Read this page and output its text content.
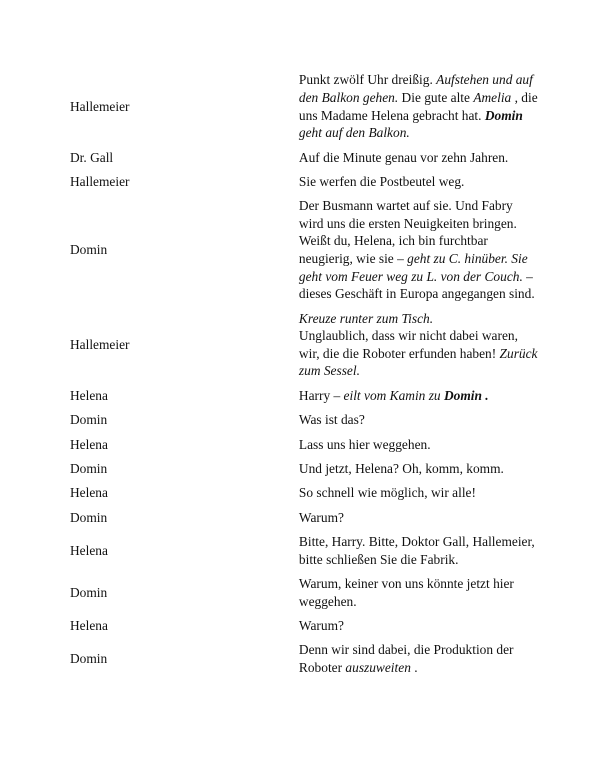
Hallemeier	Punkt zwölf Uhr dreißig. Aufstehen und auf den Balkon gehen. Die gute alte Amelia , die uns Madame Helena gebracht hat. Domin geht auf den Balkon.
Dr. Gall	Auf die Minute genau vor zehn Jahren.
Hallemeier	Sie werfen die Postbeutel weg.
Domin	Der Busmann wartet auf sie. Und Fabry wird uns die ersten Neuigkeiten bringen. Weißt du, Helena, ich bin furchtbar neugierig, wie sie – geht zu C. hinüber. Sie geht vom Feuer weg zu L. von der Couch. – dieses Geschäft in Europa angegangen sind.
Hallemeier	Kreuze runter zum Tisch.
Unglaublich, dass wir nicht dabei waren, wir, die die Roboter erfunden haben! Zurück zum Sessel.
Helena	Harry – eilt vom Kamin zu Domin .
Domin	Was ist das?
Helena	Lass uns hier weggehen.
Domin	Und jetzt, Helena? Oh, komm, komm.
Helena	So schnell wie möglich, wir alle!
Domin	Warum?
Helena	Bitte, Harry. Bitte, Doktor Gall, Hallemeier, bitte schließen Sie die Fabrik.
Domin	Warum, keiner von uns könnte jetzt hier weggehen.
Helena	Warum?
Domin	Denn wir sind dabei, die Produktion der Roboter auszuweiten .
